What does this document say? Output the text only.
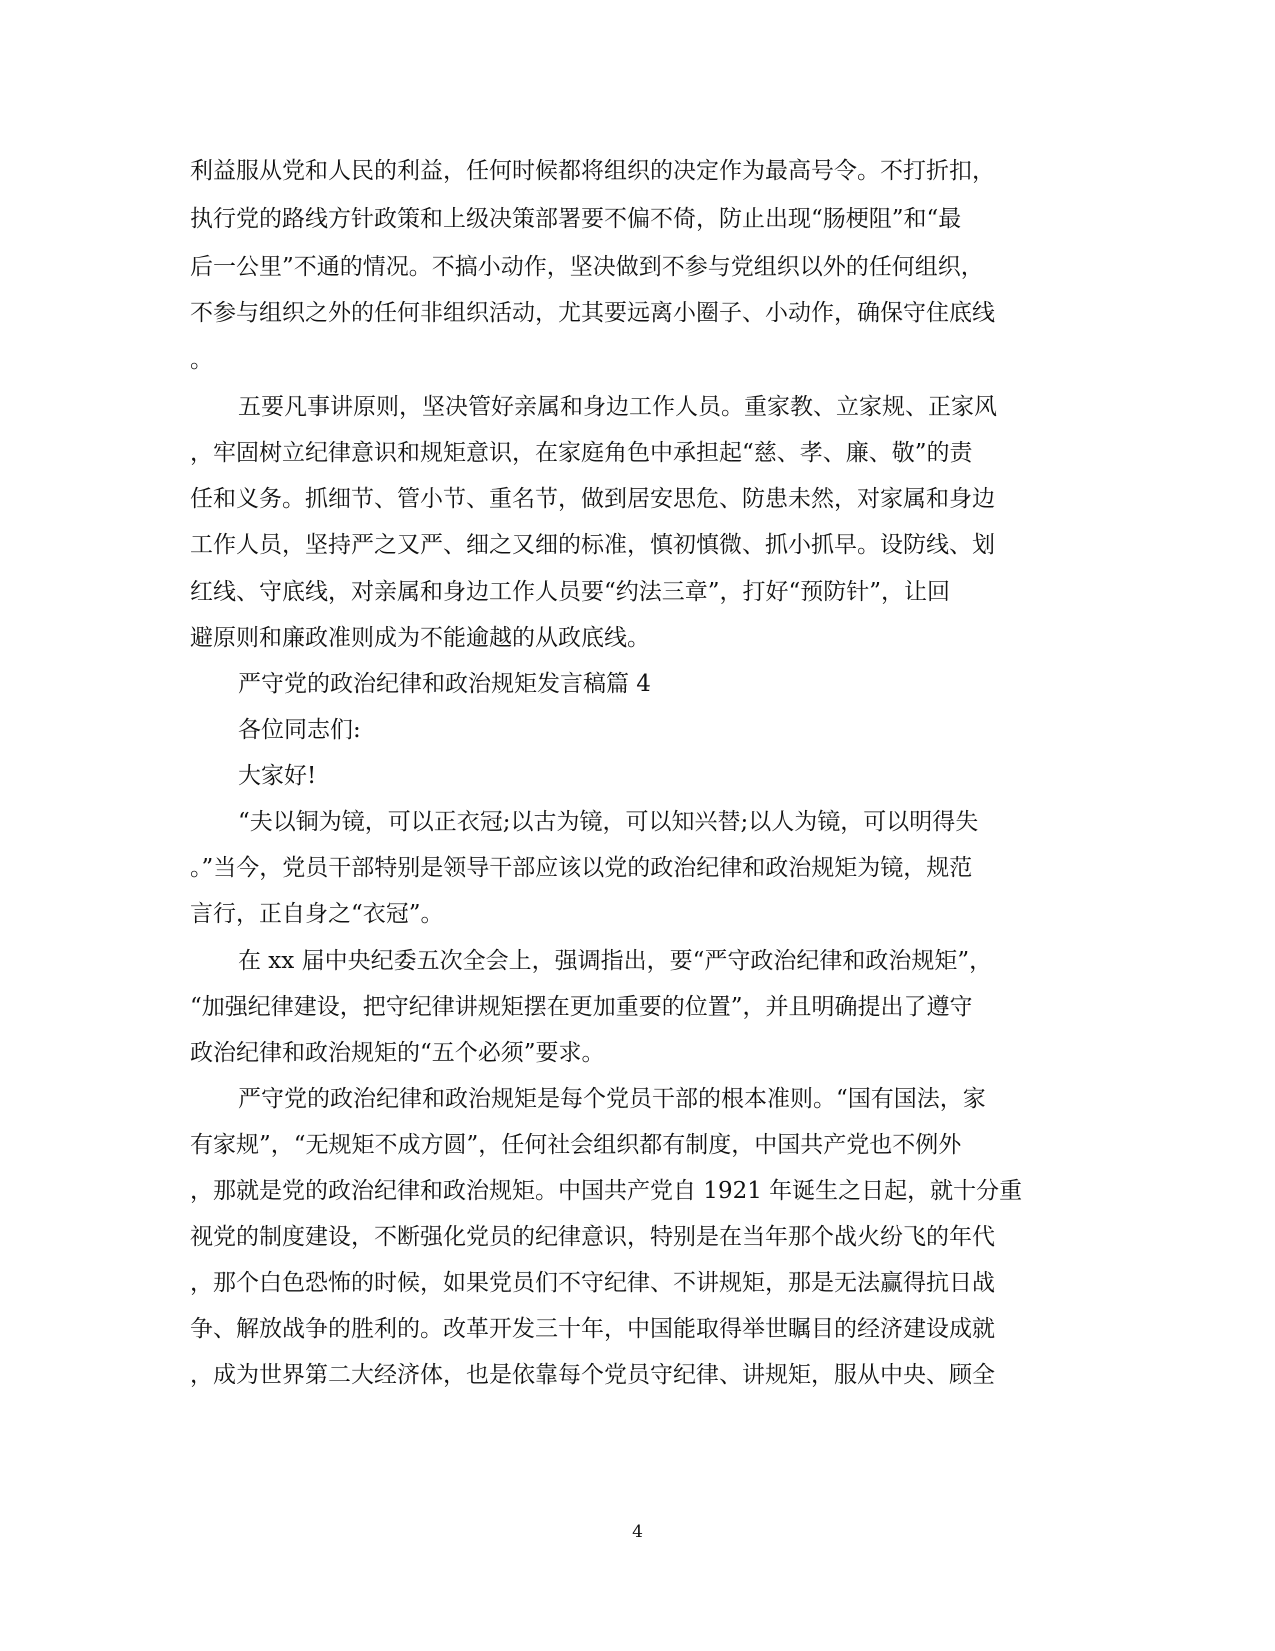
利益服从党和人民的利益，任何时候都将组织的决定作为最高号令。不打折扣，
执行党的路线方针政策和上级决策部署要不偏不倚，防止出现“肠梗阻”和“最
后一公里”不通的情况。不搞小动作，坚决做到不参与党组织以外的任何组织，
不参与组织之外的任何非组织活动，尤其要远离小圈子、小动作，确保守住底线
。
五要凡事讲原则，坚决管好亲属和身边工作人员。重家教、立家规、正家风
，牢固树立纪律意识和规矩意识，在家庭角色中承担起“慈、孝、廉、敬”的责
任和义务。抓细节、管小节、重名节，做到居安思危、防患未然，对家属和身边
工作人员，坚持严之又严、细之又细的标准，慎初慎微、抓小抓早。设防线、划
红线、守底线，对亲属和身边工作人员要“约法三章”，打好“预防针”，让回
避原则和廉政准则成为不能逾越的从政底线。
严守党的政治纪律和政治规矩发言稿篇 4
各位同志们:
大家好!
“夫以铜为镜，可以正衣冠;以古为镜，可以知兴替;以人为镜，可以明得失
。”当今，党员干部特别是领导干部应该以党的政治纪律和政治规矩为镜，规范
言行，正自身之“衣冠”。
在 xx 届中央纪委五次全会上，强调指出，要“严守政治纪律和政治规矩”，
“加强纪律建设，把守纪律讲规矩摆在更加重要的位置”，并且明确提出了遵守
政治纪律和政治规矩的“五个必须”要求。
严守党的政治纪律和政治规矩是每个党员干部的根本准则。“国有国法，家
有家规”，“无规矩不成方圆”，任何社会组织都有制度，中国共产党也不例外
，那就是党的政治纪律和政治规矩。中国共产党自 1921 年诞生之日起，就十分重
视党的制度建设，不断强化党员的纪律意识，特别是在当年那个战火纷飞的年代
，那个白色恐怖的时候，如果党员们不守纪律、不讲规矩，那是无法赢得抗日战
争、解放战争的胜利的。改革开发三十年，中国能取得举世瞩目的经济建设成就
，成为世界第二大经济体，也是依靠每个党员守纪律、讲规矩，服从中央、顾全
4
